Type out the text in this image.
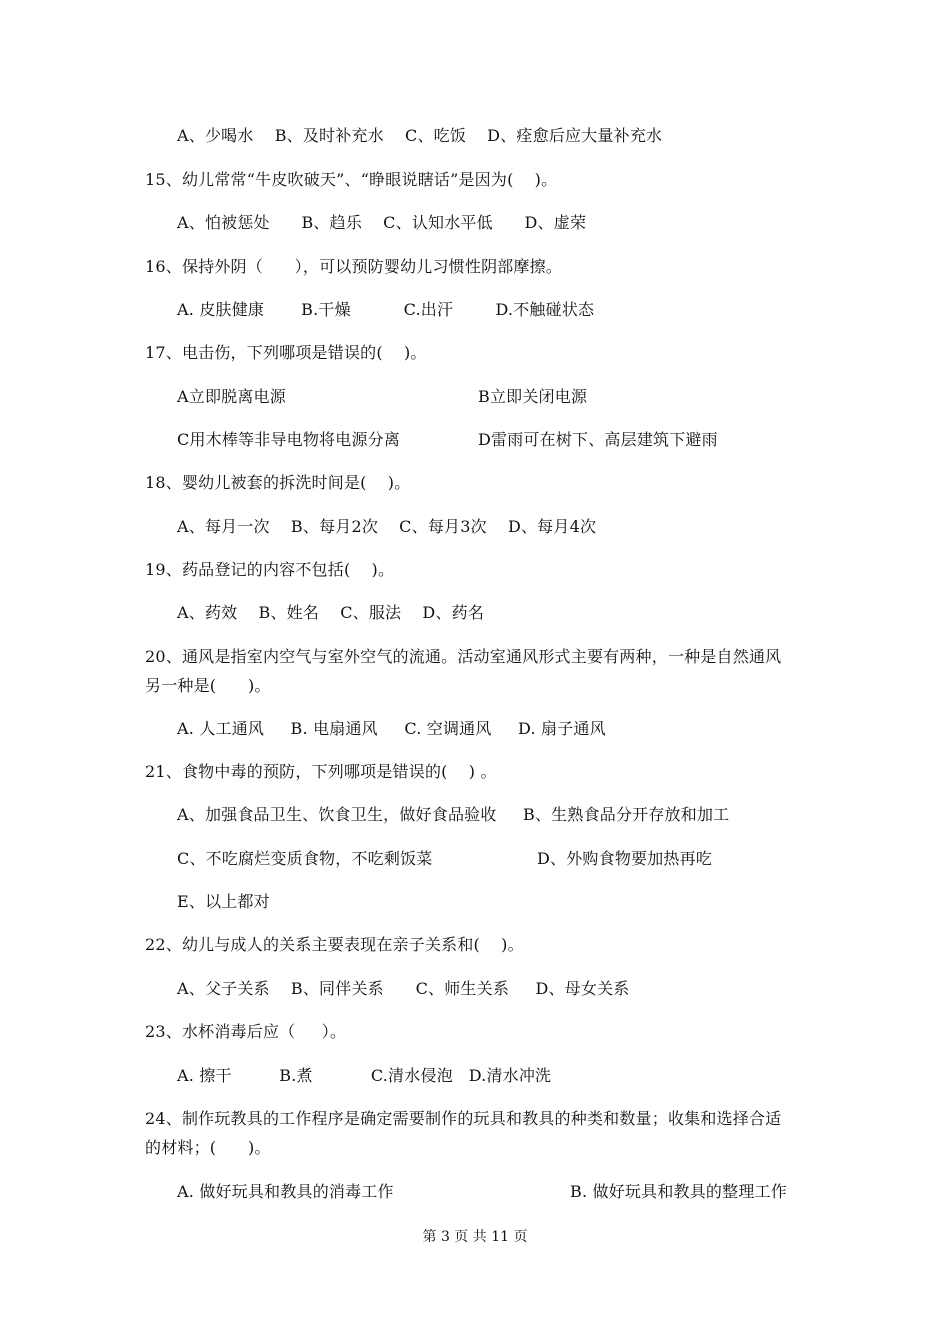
A、少喝水    B、及时补充水    C、吃饭    D、痊愈后应大量补充水
15、幼儿常常“牛皮吹破天”、“睁眼说瞎话”是因为(    )。
A、怕被惩处      B、趋乐    C、认知水平低      D、虚荣
16、保持外阴（      ），可以预防婴幼儿习惯性阴部摩擦。
A. 皮肤健康       B.干燥          C.出汗        D.不触碰状态
17、电击伤，下列哪项是错误的(    )。
A立即脱离电源	B立即关闭电源
C用木棒等非导电物将电源分离	D雷雨可在树下、高层建筑下避雨
18、婴幼儿被套的拆洗时间是(    )。
A、每月一次    B、每月2次    C、每月3次    D、每月4次
19、药品登记的内容不包括(    )。
A、药效    B、姓名    C、服法    D、药名
20、通风是指室内空气与室外空气的流通。活动室通风形式主要有两种，一种是自然通风
另一种是(      )。
A. 人工通风     B. 电扇通风     C. 空调通风     D. 扇子通风
21、食物中毒的预防，下列哪项是错误的(    ) 。
A、加强食品卫生、饮食卫生，做好食品验收     B、生熟食品分开存放和加工
C、不吃腐烂变质食物，不吃剩饭菜	D、外购食物要加热再吃
E、以上都对
22、幼儿与成人的关系主要表现在亲子关系和(    )。
A、父子关系    B、同伴关系      C、师生关系     D、母女关系
23、水杯消毒后应（     ）。
A. 擦干         B.煮           C.清水侵泡   D.清水冲洗
24、制作玩教具的工作程序是确定需要制作的玩具和教具的种类和数量；收集和选择合适
的材料；(      )。
A. 做好玩具和教具的消毒工作	B. 做好玩具和教具的整理工作
第 3 页 共 11 页
